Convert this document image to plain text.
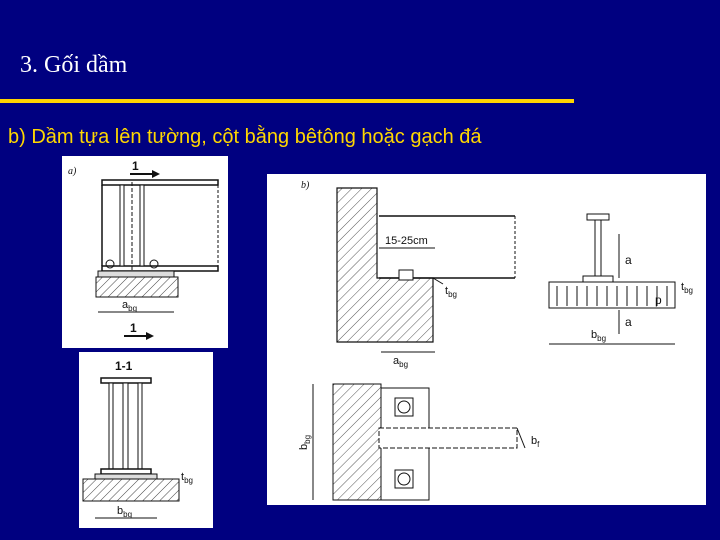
3. Gối dầm
b) Dầm tựa lên tường, cột bằng bêtông hoặc gạch đá
a)	1
$a_{bg}$
1
1-1
$t_{bg}$
$b_{bg}$
b)
15-25cm
$t_{bg}$
$a_{bg}$
$b_{bg}$	$b_f$
a
$t_{bg}$
p
$b_{bg}$
a
